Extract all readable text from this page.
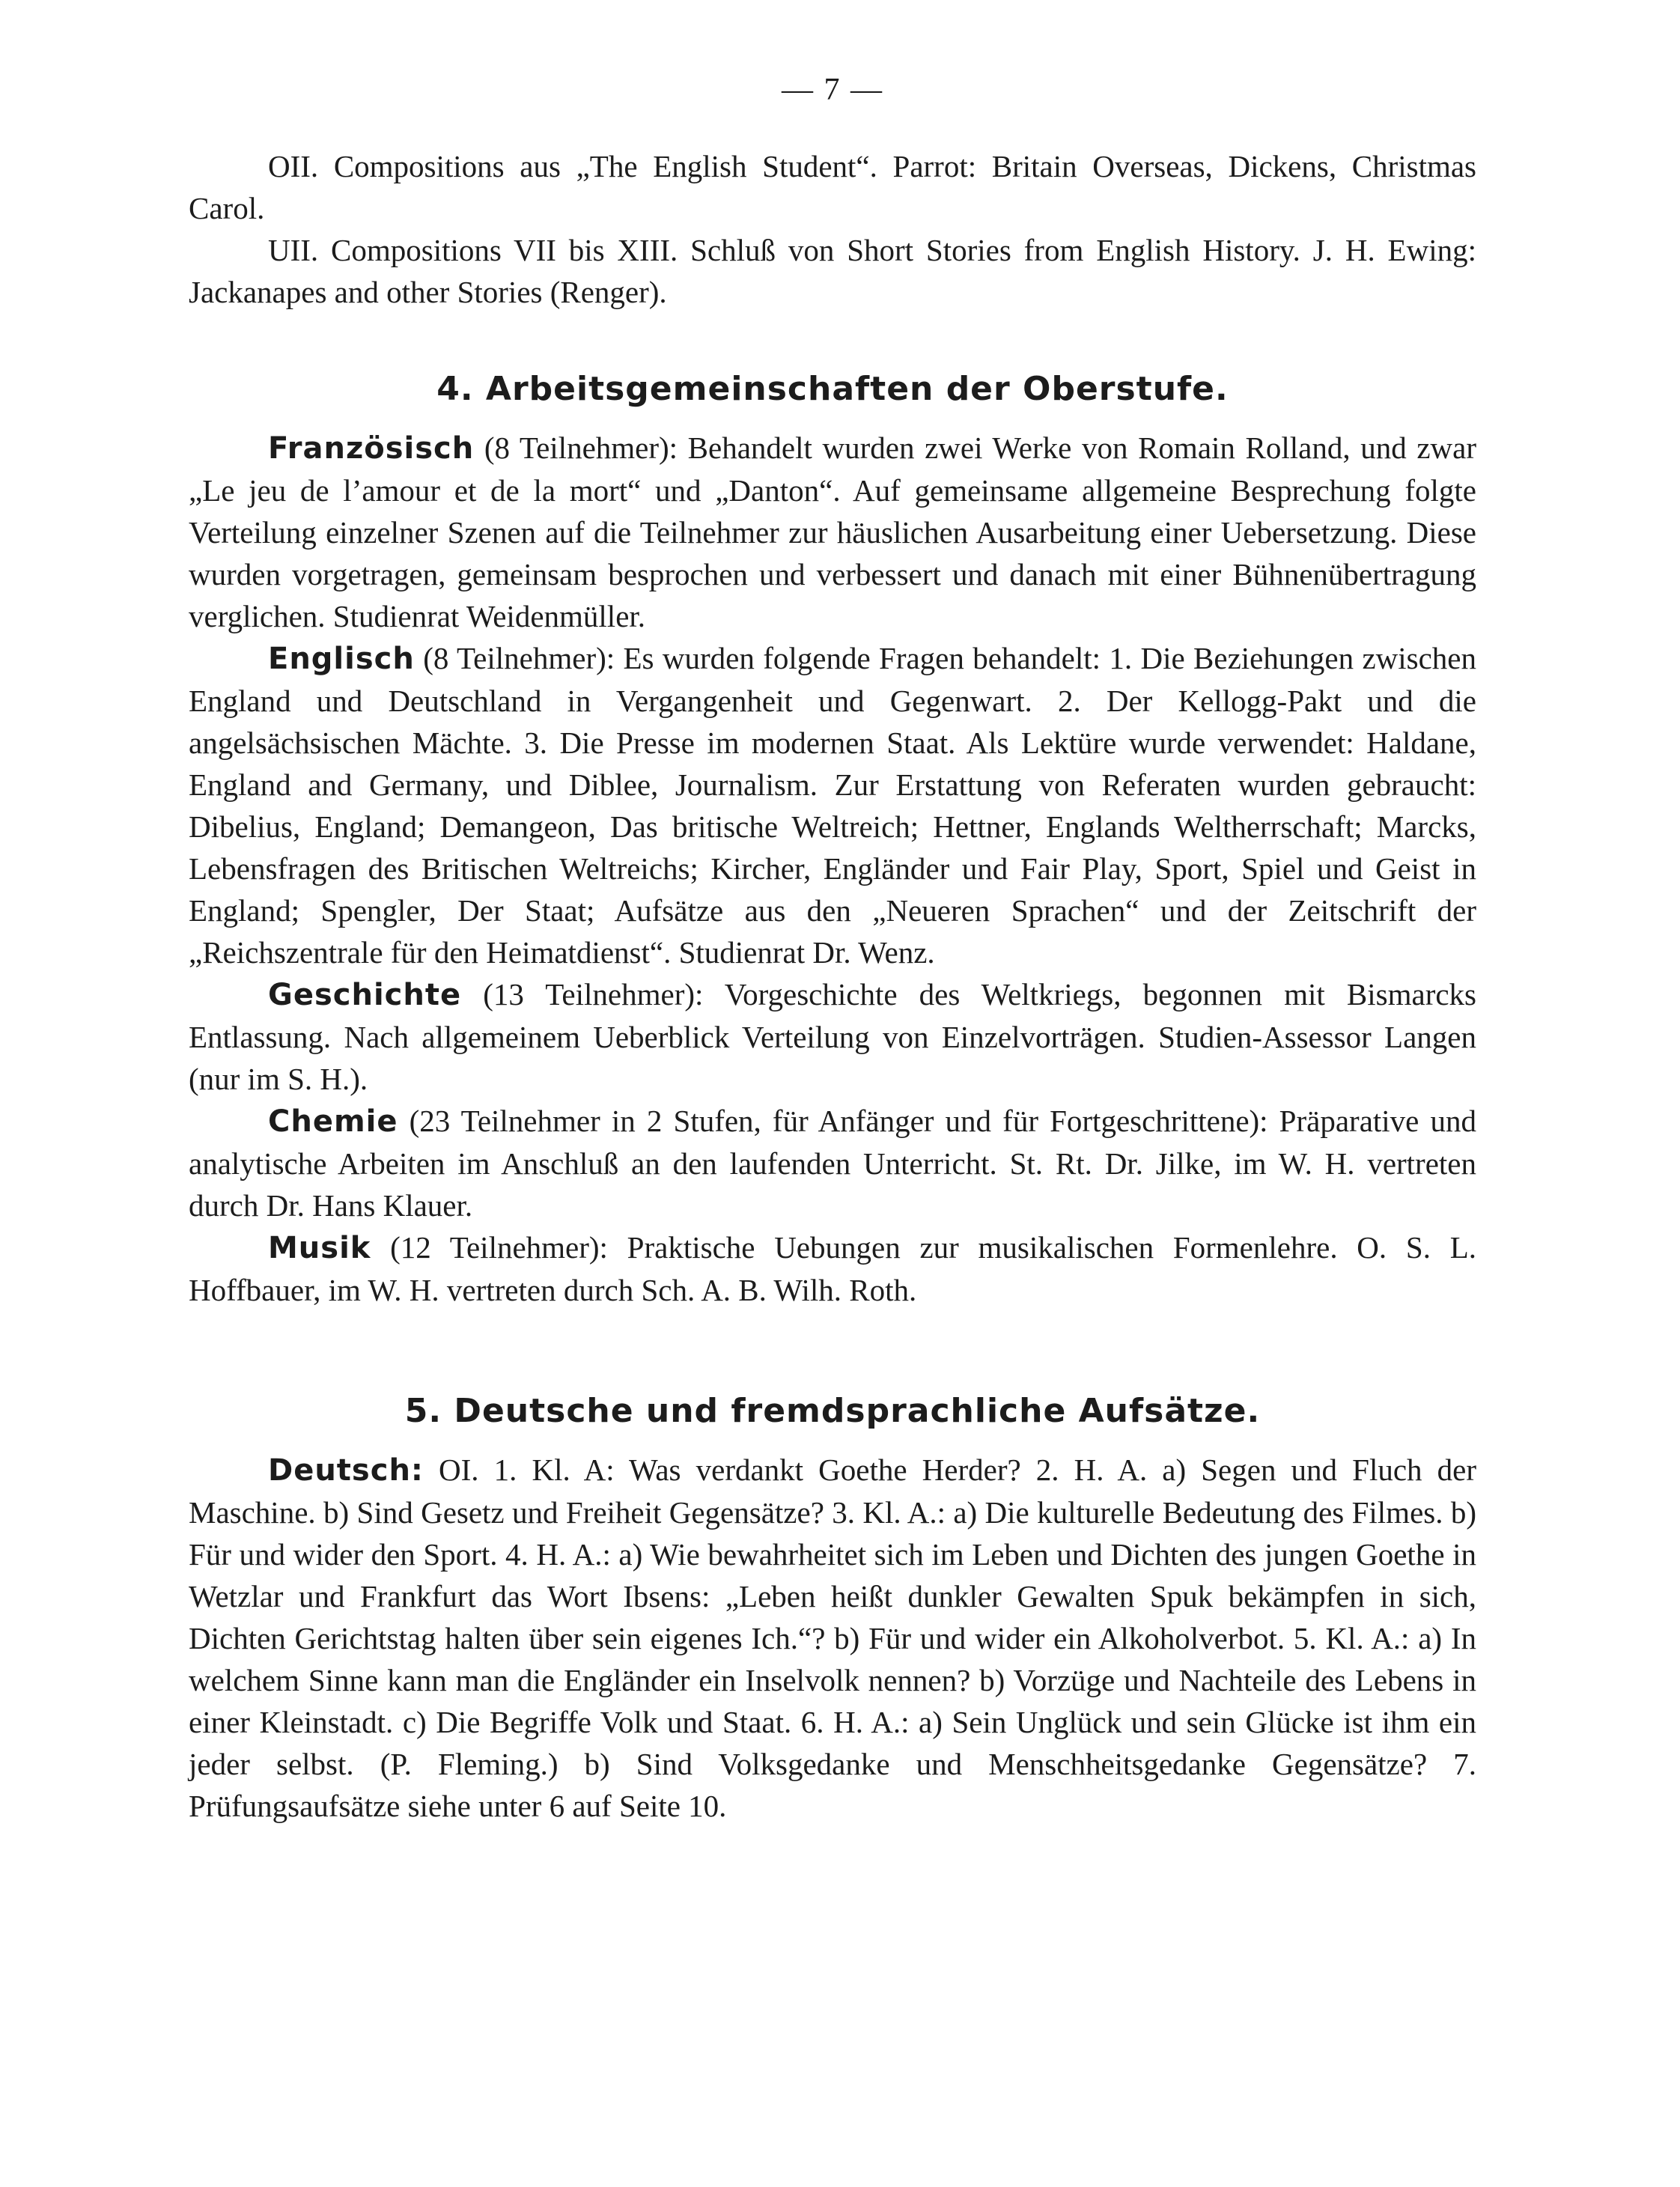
— 7 —

OII. Compositions aus „The English Student“. Parrot: Britain Overseas, Dickens, Christmas Carol.

UII. Compositions VII bis XIII. Schluß von Short Stories from English History. J. H. Ewing: Jackanapes and other Stories (Renger).

4. Arbeitsgemeinschaften der Oberstufe.

Französisch (8 Teilnehmer): Behandelt wurden zwei Werke von Romain Rolland, und zwar „Le jeu de l’amour et de la mort“ und „Danton“. Auf gemeinsame allgemeine Besprechung folgte Verteilung einzelner Szenen auf die Teilnehmer zur häuslichen Ausarbeitung einer Uebersetzung. Diese wurden vorgetragen, gemeinsam besprochen und verbessert und danach mit einer Bühnenübertragung verglichen. Studienrat Weidenmüller.

Englisch (8 Teilnehmer): Es wurden folgende Fragen behandelt: 1. Die Beziehungen zwischen England und Deutschland in Vergangenheit und Gegenwart. 2. Der Kellogg-Pakt und die angelsächsischen Mächte. 3. Die Presse im modernen Staat. Als Lektüre wurde verwendet: Haldane, England and Germany, und Diblee, Journalism. Zur Erstattung von Referaten wurden gebraucht: Dibelius, England; Demangeon, Das britische Weltreich; Hettner, Englands Weltherrschaft; Marcks, Lebensfragen des Britischen Weltreichs; Kircher, Engländer und Fair Play, Sport, Spiel und Geist in England; Spengler, Der Staat; Aufsätze aus den „Neueren Sprachen“ und der Zeitschrift der „Reichszentrale für den Heimatdienst“. Studienrat Dr. Wenz.

Geschichte (13 Teilnehmer): Vorgeschichte des Weltkriegs, begonnen mit Bismarcks Entlassung. Nach allgemeinem Ueberblick Verteilung von Einzelvorträgen. Studien-Assessor Langen (nur im S. H.).

Chemie (23 Teilnehmer in 2 Stufen, für Anfänger und für Fortgeschrittene): Präparative und analytische Arbeiten im Anschluß an den laufenden Unterricht. St. Rt. Dr. Jilke, im W. H. vertreten durch Dr. Hans Klauer.

Musik (12 Teilnehmer): Praktische Uebungen zur musikalischen Formenlehre. O. S. L. Hoffbauer, im W. H. vertreten durch Sch. A. B. Wilh. Roth.

5. Deutsche und fremdsprachliche Aufsätze.

Deutsch: OI. 1. Kl. A: Was verdankt Goethe Herder? 2. H. A. a) Segen und Fluch der Maschine. b) Sind Gesetz und Freiheit Gegensätze? 3. Kl. A.: a) Die kulturelle Bedeutung des Filmes. b) Für und wider den Sport. 4. H. A.: a) Wie bewahrheitet sich im Leben und Dichten des jungen Goethe in Wetzlar und Frankfurt das Wort Ibsens: „Leben heißt dunkler Gewalten Spuk bekämpfen in sich, Dichten Gerichtstag halten über sein eigenes Ich.“? b) Für und wider ein Alkoholverbot. 5. Kl. A.: a) In welchem Sinne kann man die Engländer ein Inselvolk nennen? b) Vorzüge und Nachteile des Lebens in einer Kleinstadt. c) Die Begriffe Volk und Staat. 6. H. A.: a) Sein Unglück und sein Glücke ist ihm ein jeder selbst. (P. Fleming.) b) Sind Volksgedanke und Menschheitsgedanke Gegensätze? 7. Prüfungsaufsätze siehe unter 6 auf Seite 10.
